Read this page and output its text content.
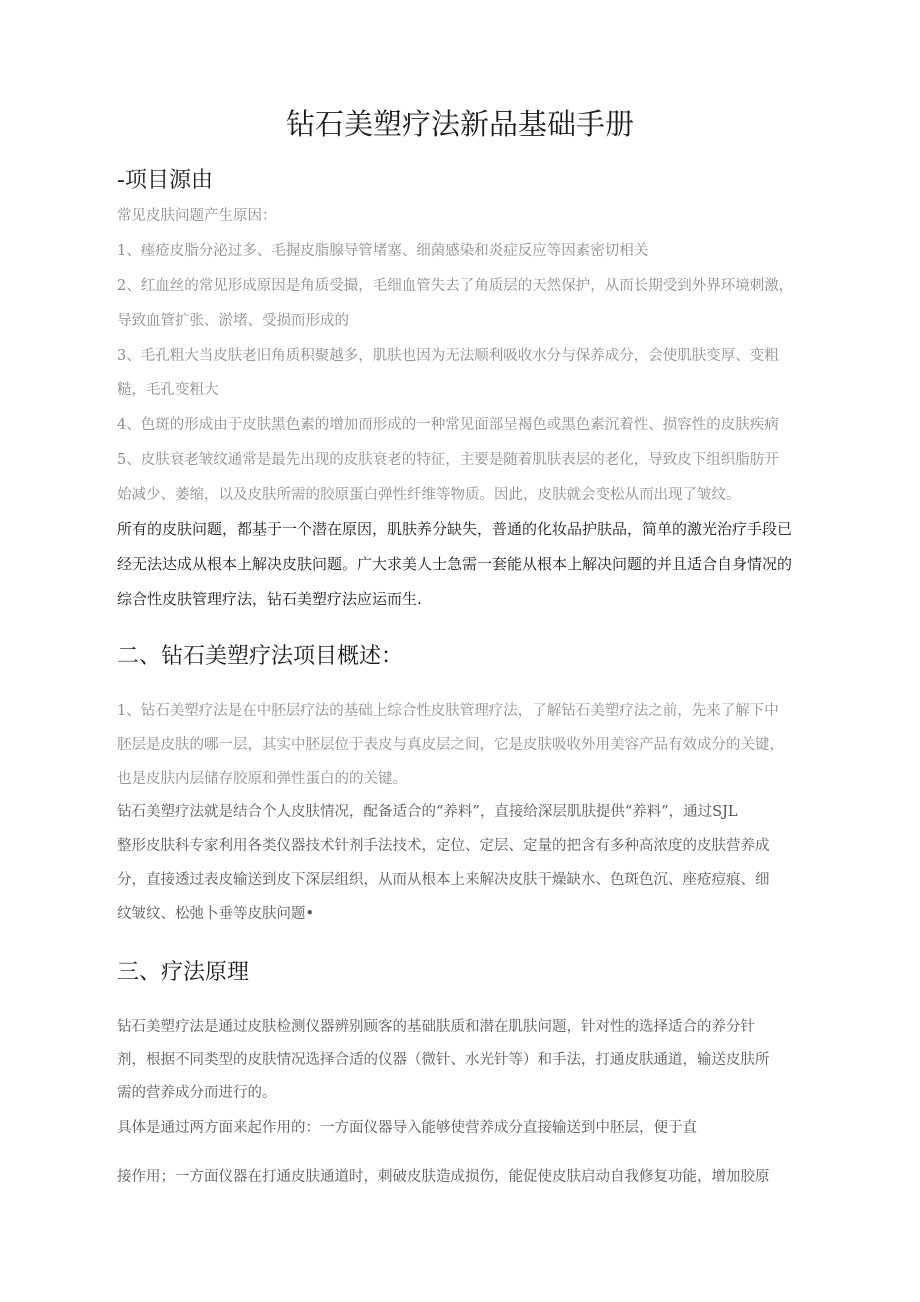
钻石美塑疗法新品基础手册
-项目源由
常见皮肤问题产生原因：
1、瘗疮皮脂分泌过多、毛握皮脂腺导管堵塞、细菌感染和炎症反应等因素密切相关
2、红血丝的常见形成原因是角质受撮，毛细血管失去了角质层的天然保护，从而长期受到外界环境刺激，
导致血管扩张、淤堵、受损而形成的
3、毛孔粗大当皮肤老旧角质积聚越多，肌肤也因为无法顺利吸收水分与保养成分，会使肌肤变厚、变粗
糙，毛孔变粗大
4、色斑的形成由于皮肤黑色素的增加而形成的一种常见面部呈褐色或黑色素沉着性、损容性的皮肤疾病
5、皮肤衰老皱纹通常是最先出现的皮肤衰老的特征，主要是随着肌肤表层的老化，导致皮下组织脂肪开
始减少、萎缩，以及皮肤所需的胶原蛋白弹性纤维等物质。因此，皮肤就会变松从而出现了皱纹。
所有的皮肤问题，都基于一个潜在原因，肌肤养分缺失，普通的化妆品护肤品，简单的激光治疗手段已
经无法达成从根本上解决皮肤问题。广大求美人士急需一套能从根本上解决问题的并且适合自身情况的
综合性皮肤管理疗法，钻石美塑疗法应运而生.
二、钻石美塑疗法项目概述：
1、钻石美塑疗法是在中胚层疗法的基础上综合性皮肤管理疗法，了解钻石美塑疗法之前，先来了解下中
胚层是皮肤的哪一层，其实中胚层位于表皮与真皮层之间，它是皮肤吸收外用美容产品有效成分的关键，
也是皮肤内层储存胶原和弹性蛋白的的关键。
钻石美塑疗法就是结合个人皮肤情况，配备适合的“养料”，直接给深层肌肤提供“养料”，通过SJL
整形皮肤科专家利用各类仪器技术针剂手法技术，定位、定层、定量的把含有多种高浓度的皮肤营养成
分，直接透过表皮输送到皮下深层组织，从而从根本上来解决皮肤干燥缺水、色斑色沉、座疮痘痕、细
纹皱纹、松弛卜垂等皮肤问题•
三、疗法原理
钻石美塑疗法是通过皮肤检测仪器辨别顾客的基础肤质和潜在肌肤问题，针对性的选择适合的养分针
剂，根据不同类型的皮肤情况选择合适的仪器（微针、水光针等）和手法，打通皮肤通道，输送皮肤所
需的营养成分而进行的。
具体是通过两方面来起作用的：一方面仪器导入能够使营养成分直接输送到中胚层，便于直
接作用；一方面仪器在打通皮肤通道时，刺破皮肤造成损伤，能促使皮肤启动自我修复功能，增加胶原
